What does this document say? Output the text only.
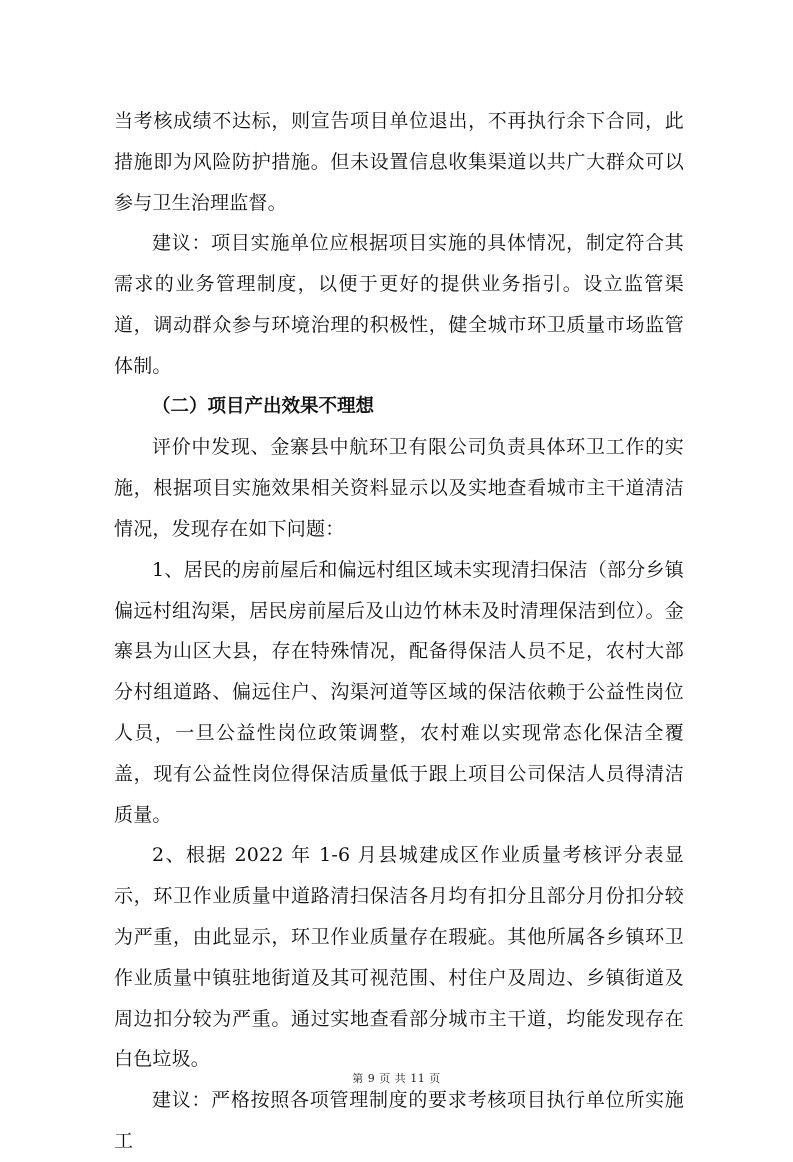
当考核成绩不达标，则宣告项目单位退出，不再执行余下合同，此措施即为风险防护措施。但未设置信息收集渠道以共广大群众可以参与卫生治理监督。

建议：项目实施单位应根据项目实施的具体情况，制定符合其需求的业务管理制度，以便于更好的提供业务指引。设立监管渠道，调动群众参与环境治理的积极性，健全城市环卫质量市场监管体制。

（二）项目产出效果不理想

评价中发现、金寨县中航环卫有限公司负责具体环卫工作的实施，根据项目实施效果相关资料显示以及实地查看城市主干道清洁情况，发现存在如下问题：

1、居民的房前屋后和偏远村组区域未实现清扫保洁（部分乡镇偏远村组沟渠，居民房前屋后及山边竹林未及时清理保洁到位）。金寨县为山区大县，存在特殊情况，配备得保洁人员不足，农村大部分村组道路、偏远住户、沟渠河道等区域的保洁依赖于公益性岗位人员，一旦公益性岗位政策调整，农村难以实现常态化保洁全覆盖，现有公益性岗位得保洁质量低于跟上项目公司保洁人员得清洁质量。

2、根据 2022 年 1-6 月县城建成区作业质量考核评分表显示，环卫作业质量中道路清扫保洁各月均有扣分且部分月份扣分较为严重，由此显示，环卫作业质量存在瑕疵。其他所属各乡镇环卫作业质量中镇驻地街道及其可视范围、村住户及周边、乡镇街道及周边扣分较为严重。通过实地查看部分城市主干道，均能发现存在白色垃圾。

建议：严格按照各项管理制度的要求考核项目执行单位所实施工

第 9 页 共 11 页
